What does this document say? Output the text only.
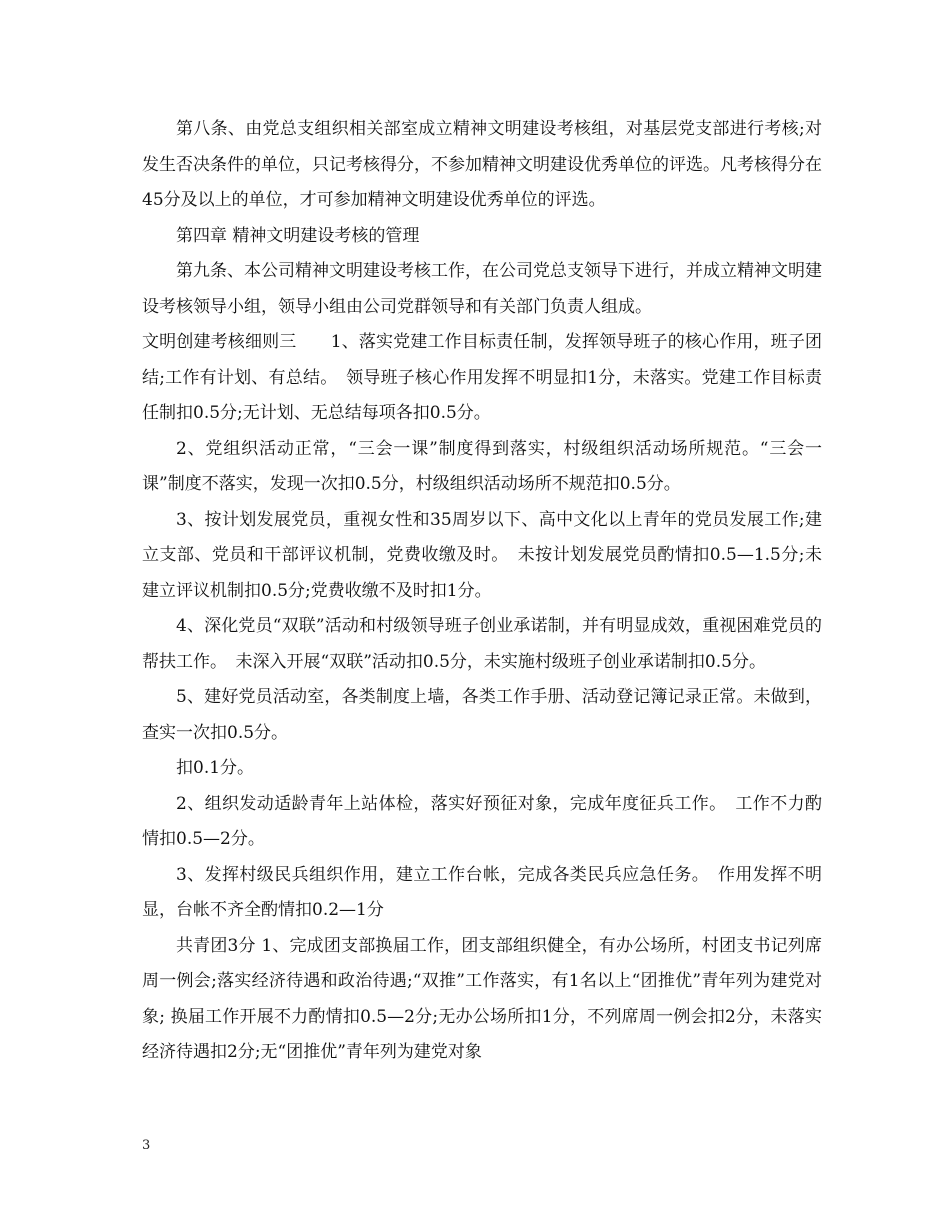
第八条、由党总支组织相关部室成立精神文明建设考核组，对基层党支部进行考核;对发生否决条件的单位，只记考核得分，不参加精神文明建设优秀单位的评选。凡考核得分在45分及以上的单位，才可参加精神文明建设优秀单位的评选。

第四章 精神文明建设考核的管理

第九条、本公司精神文明建设考核工作，在公司党总支领导下进行，并成立精神文明建设考核领导小组，领导小组由公司党群领导和有关部门负责人组成。

文明创建考核细则三　　1、落实党建工作目标责任制，发挥领导班子的核心作用，班子团结;工作有计划、有总结。　领导班子核心作用发挥不明显扣1分，未落实。党建工作目标责任制扣0.5分;无计划、无总结每项各扣0.5分。

2、党组织活动正常，“三会一课”制度得到落实，村级组织活动场所规范。“三会一课”制度不落实，发现一次扣0.5分，村级组织活动场所不规范扣0.5分。

3、按计划发展党员，重视女性和35周岁以下、高中文化以上青年的党员发展工作;建立支部、党员和干部评议机制，党费收缴及时。　未按计划发展党员酌情扣0.5—1.5分;未建立评议机制扣0.5分;党费收缴不及时扣1分。

4、深化党员“双联”活动和村级领导班子创业承诺制，并有明显成效，重视困难党员的帮扶工作。　未深入开展“双联”活动扣0.5分，未实施村级班子创业承诺制扣0.5分。

5、建好党员活动室，各类制度上墙，各类工作手册、活动登记簿记录正常。未做到，查实一次扣0.5分。

扣0.1分。

2、组织发动适龄青年上站体检，落实好预征对象，完成年度征兵工作。　工作不力酌情扣0.5—2分。

3、发挥村级民兵组织作用，建立工作台帐，完成各类民兵应急任务。　作用发挥不明显，台帐不齐全酌情扣0.2—1分

共青团3分 1、完成团支部换届工作，团支部组织健全，有办公场所，村团支书记列席周一例会;落实经济待遇和政治待遇;“双推”工作落实，有1名以上“团推优”青年列为建党对象; 换届工作开展不力酌情扣0.5—2分;无办公场所扣1分，不列席周一例会扣2分，未落实经济待遇扣2分;无“团推优”青年列为建党对象

3
